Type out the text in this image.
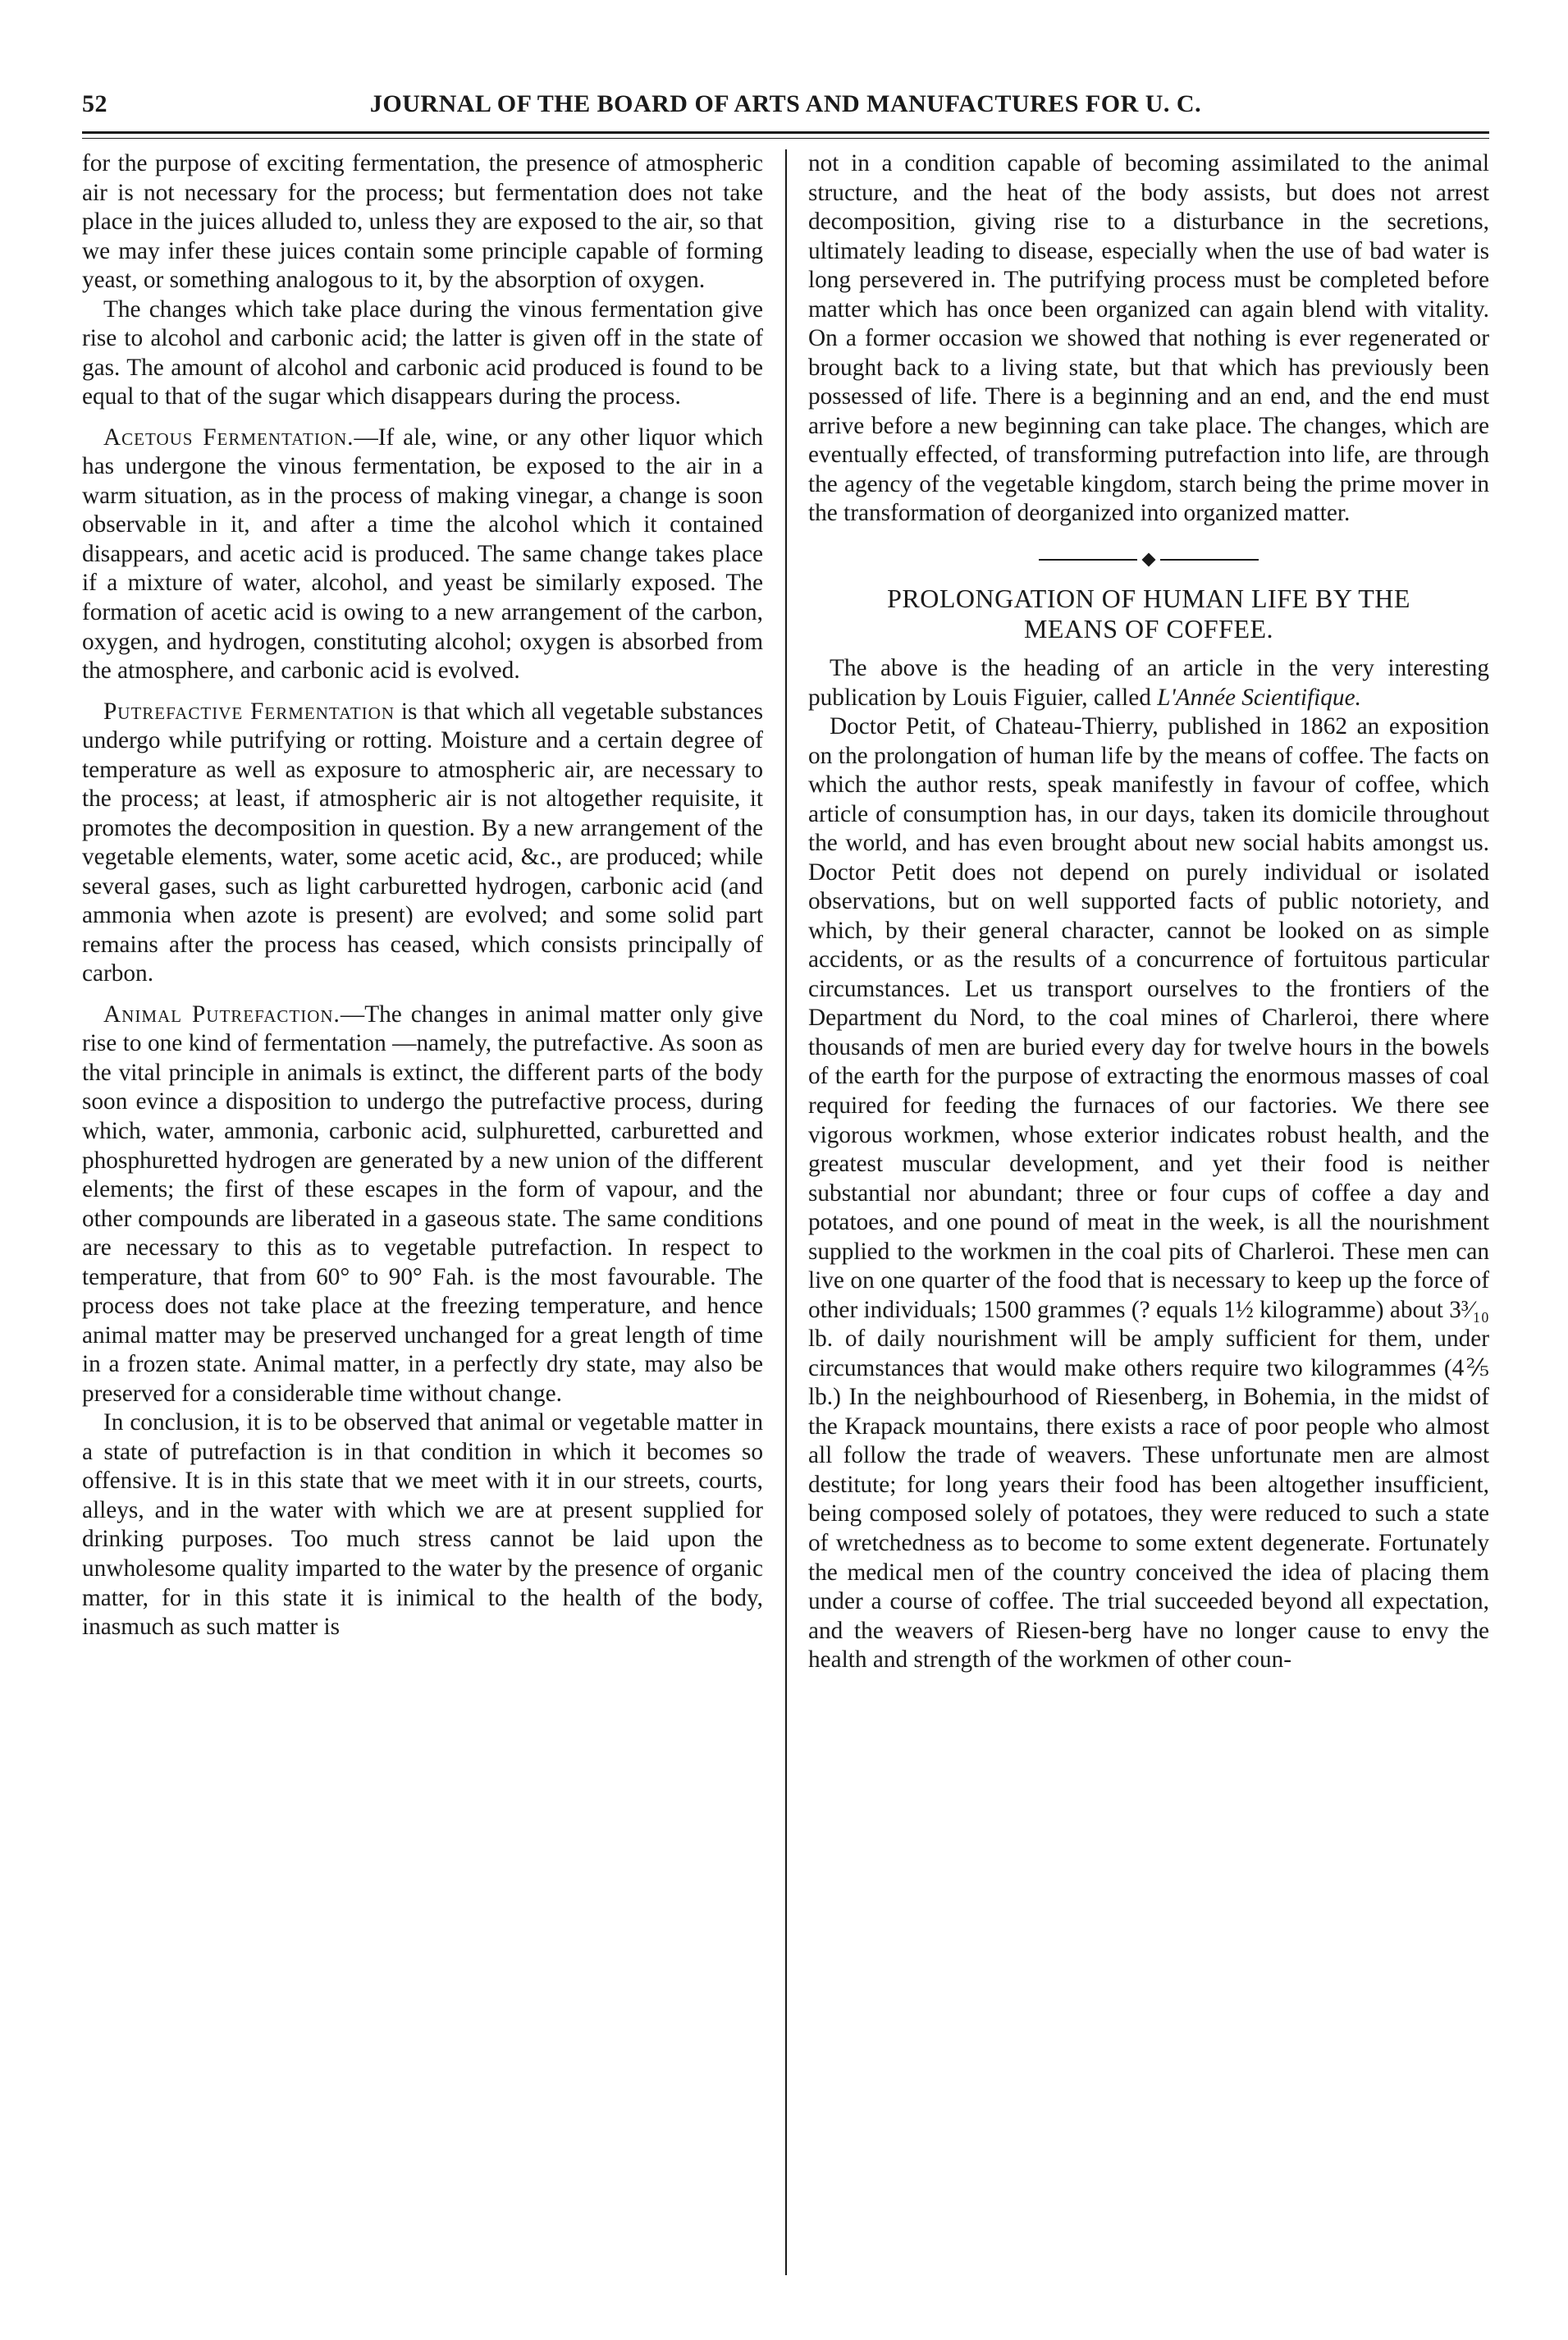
52	JOURNAL OF THE BOARD OF ARTS AND MANUFACTURES FOR U. C.

for the purpose of exciting fermentation, the presence of atmospheric air is not necessary for the process; but fermentation does not take place in the juices alluded to, unless they are exposed to the air, so that we may infer these juices contain some principle capable of forming yeast, or something analogous to it, by the absorption of oxygen.

The changes which take place during the vinous fermentation give rise to alcohol and carbonic acid; the latter is given off in the state of gas. The amount of alcohol and carbonic acid produced is found to be equal to that of the sugar which disappears during the process.

Acetous Fermentation.—If ale, wine, or any other liquor which has undergone the vinous fermentation, be exposed to the air in a warm situation, as in the process of making vinegar, a change is soon observable in it, and after a time the alcohol which it contained disappears, and acetic acid is produced. The same change takes place if a mixture of water, alcohol, and yeast be similarly exposed. The formation of acetic acid is owing to a new arrangement of the carbon, oxygen, and hydrogen, constituting alcohol; oxygen is absorbed from the atmosphere, and carbonic acid is evolved.

Putrefactive Fermentation is that which all vegetable substances undergo while putrifying or rotting. Moisture and a certain degree of temperature as well as exposure to atmospheric air, are necessary to the process; at least, if atmospheric air is not altogether requisite, it promotes the decomposition in question. By a new arrangement of the vegetable elements, water, some acetic acid, &c., are produced; while several gases, such as light carburetted hydrogen, carbonic acid (and ammonia when azote is present) are evolved; and some solid part remains after the process has ceased, which consists principally of carbon.

Animal Putrefaction.—The changes in animal matter only give rise to one kind of fermentation —namely, the putrefactive. As soon as the vital principle in animals is extinct, the different parts of the body soon evince a disposition to undergo the putrefactive process, during which, water, ammonia, carbonic acid, sulphuretted, carburetted and phosphuretted hydrogen are generated by a new union of the different elements; the first of these escapes in the form of vapour, and the other compounds are liberated in a gaseous state. The same conditions are necessary to this as to vegetable putrefaction. In respect to temperature, that from 60° to 90° Fah. is the most favourable. The process does not take place at the freezing temperature, and hence animal matter may be preserved unchanged for a great length of time in a frozen state. Animal matter, in a perfectly dry state, may also be preserved for a considerable time without change.

In conclusion, it is to be observed that animal or vegetable matter in a state of putrefaction is in that condition in which it becomes so offensive. It is in this state that we meet with it in our streets, courts, alleys, and in the water with which we are at present supplied for drinking purposes. Too much stress cannot be laid upon the unwholesome quality imparted to the water by the presence of organic matter, for in this state it is inimical to the health of the body, inasmuch as such matter is

not in a condition capable of becoming assimilated to the animal structure, and the heat of the body assists, but does not arrest decomposition, giving rise to a disturbance in the secretions, ultimately leading to disease, especially when the use of bad water is long persevered in. The putrifying process must be completed before matter which has once been organized can again blend with vitality. On a former occasion we showed that nothing is ever regenerated or brought back to a living state, but that which has previously been possessed of life. There is a beginning and an end, and the end must arrive before a new beginning can take place. The changes, which are eventually effected, of transforming putrefaction into life, are through the agency of the vegetable kingdom, starch being the prime mover in the transformation of deorganized into organized matter.

PROLONGATION OF HUMAN LIFE BY THE
MEANS OF COFFEE.

The above is the heading of an article in the very interesting publication by Louis Figuier, called L'Année Scientifique.

Doctor Petit, of Chateau-Thierry, published in 1862 an exposition on the prolongation of human life by the means of coffee. The facts on which the author rests, speak manifestly in favour of coffee, which article of consumption has, in our days, taken its domicile throughout the world, and has even brought about new social habits amongst us. Doctor Petit does not depend on purely individual or isolated observations, but on well supported facts of public notoriety, and which, by their general character, cannot be looked on as simple accidents, or as the results of a concurrence of fortuitous particular circumstances. Let us transport ourselves to the frontiers of the Department du Nord, to the coal mines of Charleroi, there where thousands of men are buried every day for twelve hours in the bowels of the earth for the purpose of extracting the enormous masses of coal required for feeding the furnaces of our factories. We there see vigorous workmen, whose exterior indicates robust health, and the greatest muscular development, and yet their food is neither substantial nor abundant; three or four cups of coffee a day and potatoes, and one pound of meat in the week, is all the nourishment supplied to the workmen in the coal pits of Charleroi. These men can live on one quarter of the food that is necessary to keep up the force of other individuals; 1500 grammes (? equals 1½ kilogramme) about 3³⁄₁₀ lb. of daily nourishment will be amply sufficient for them, under circumstances that would make others require two kilogrammes (4⅖ lb.) In the neighbourhood of Riesenberg, in Bohemia, in the midst of the Krapack mountains, there exists a race of poor people who almost all follow the trade of weavers. These unfortunate men are almost destitute; for long years their food has been altogether insufficient, being composed solely of potatoes, they were reduced to such a state of wretchedness as to become to some extent degenerate. Fortunately the medical men of the country conceived the idea of placing them under a course of coffee. The trial succeeded beyond all expectation, and the weavers of Riesen-berg have no longer cause to envy the health and strength of the workmen of other coun-
